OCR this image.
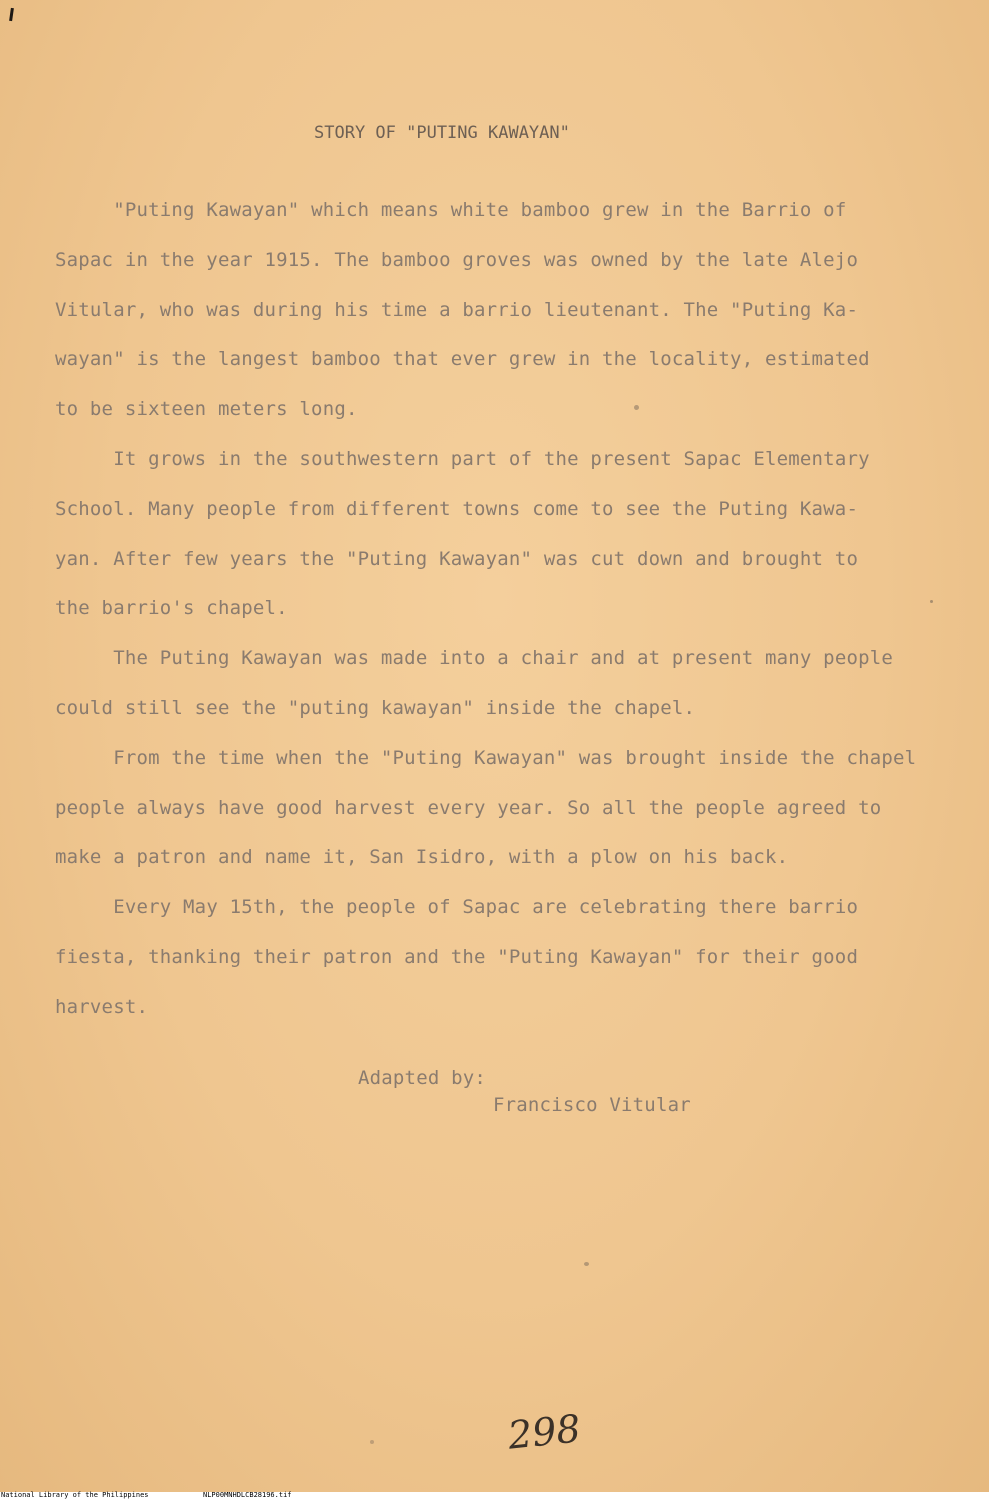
STORY OF "PUTING KAWAYAN"

"Puting Kawayan" which means white bamboo grew in the Barrio of
Sapac in the year 1915. The bamboo groves was owned by the late Alejo
Vitular, who was during his time a barrio lieutenant. The "Puting Ka-
wayan" is the langest bamboo that ever grew in the locality, estimated
to be sixteen meters long.

It grows in the southwestern part of the present Sapac Elementary
School. Many people from different towns come to see the Puting Kawa-
yan. After few years the "Puting Kawayan" was cut down and brought to
the barrio's chapel.

The Puting Kawayan was made into a chair and at present many people
could still see the "puting kawayan" inside the chapel.

From the time when the "Puting Kawayan" was brought inside the chapel
people always have good harvest every year. So all the people agreed to
make a patron and name it, San Isidro, with a plow on his back.

Every May 15th, the people of Sapac are celebrating there barrio
fiesta, thanking their patron and the "Puting Kawayan" for their good
harvest.

Adapted by:
Francisco Vitular
298
National Library of the Philippines	NLP00MNHDLCB28196.tif
